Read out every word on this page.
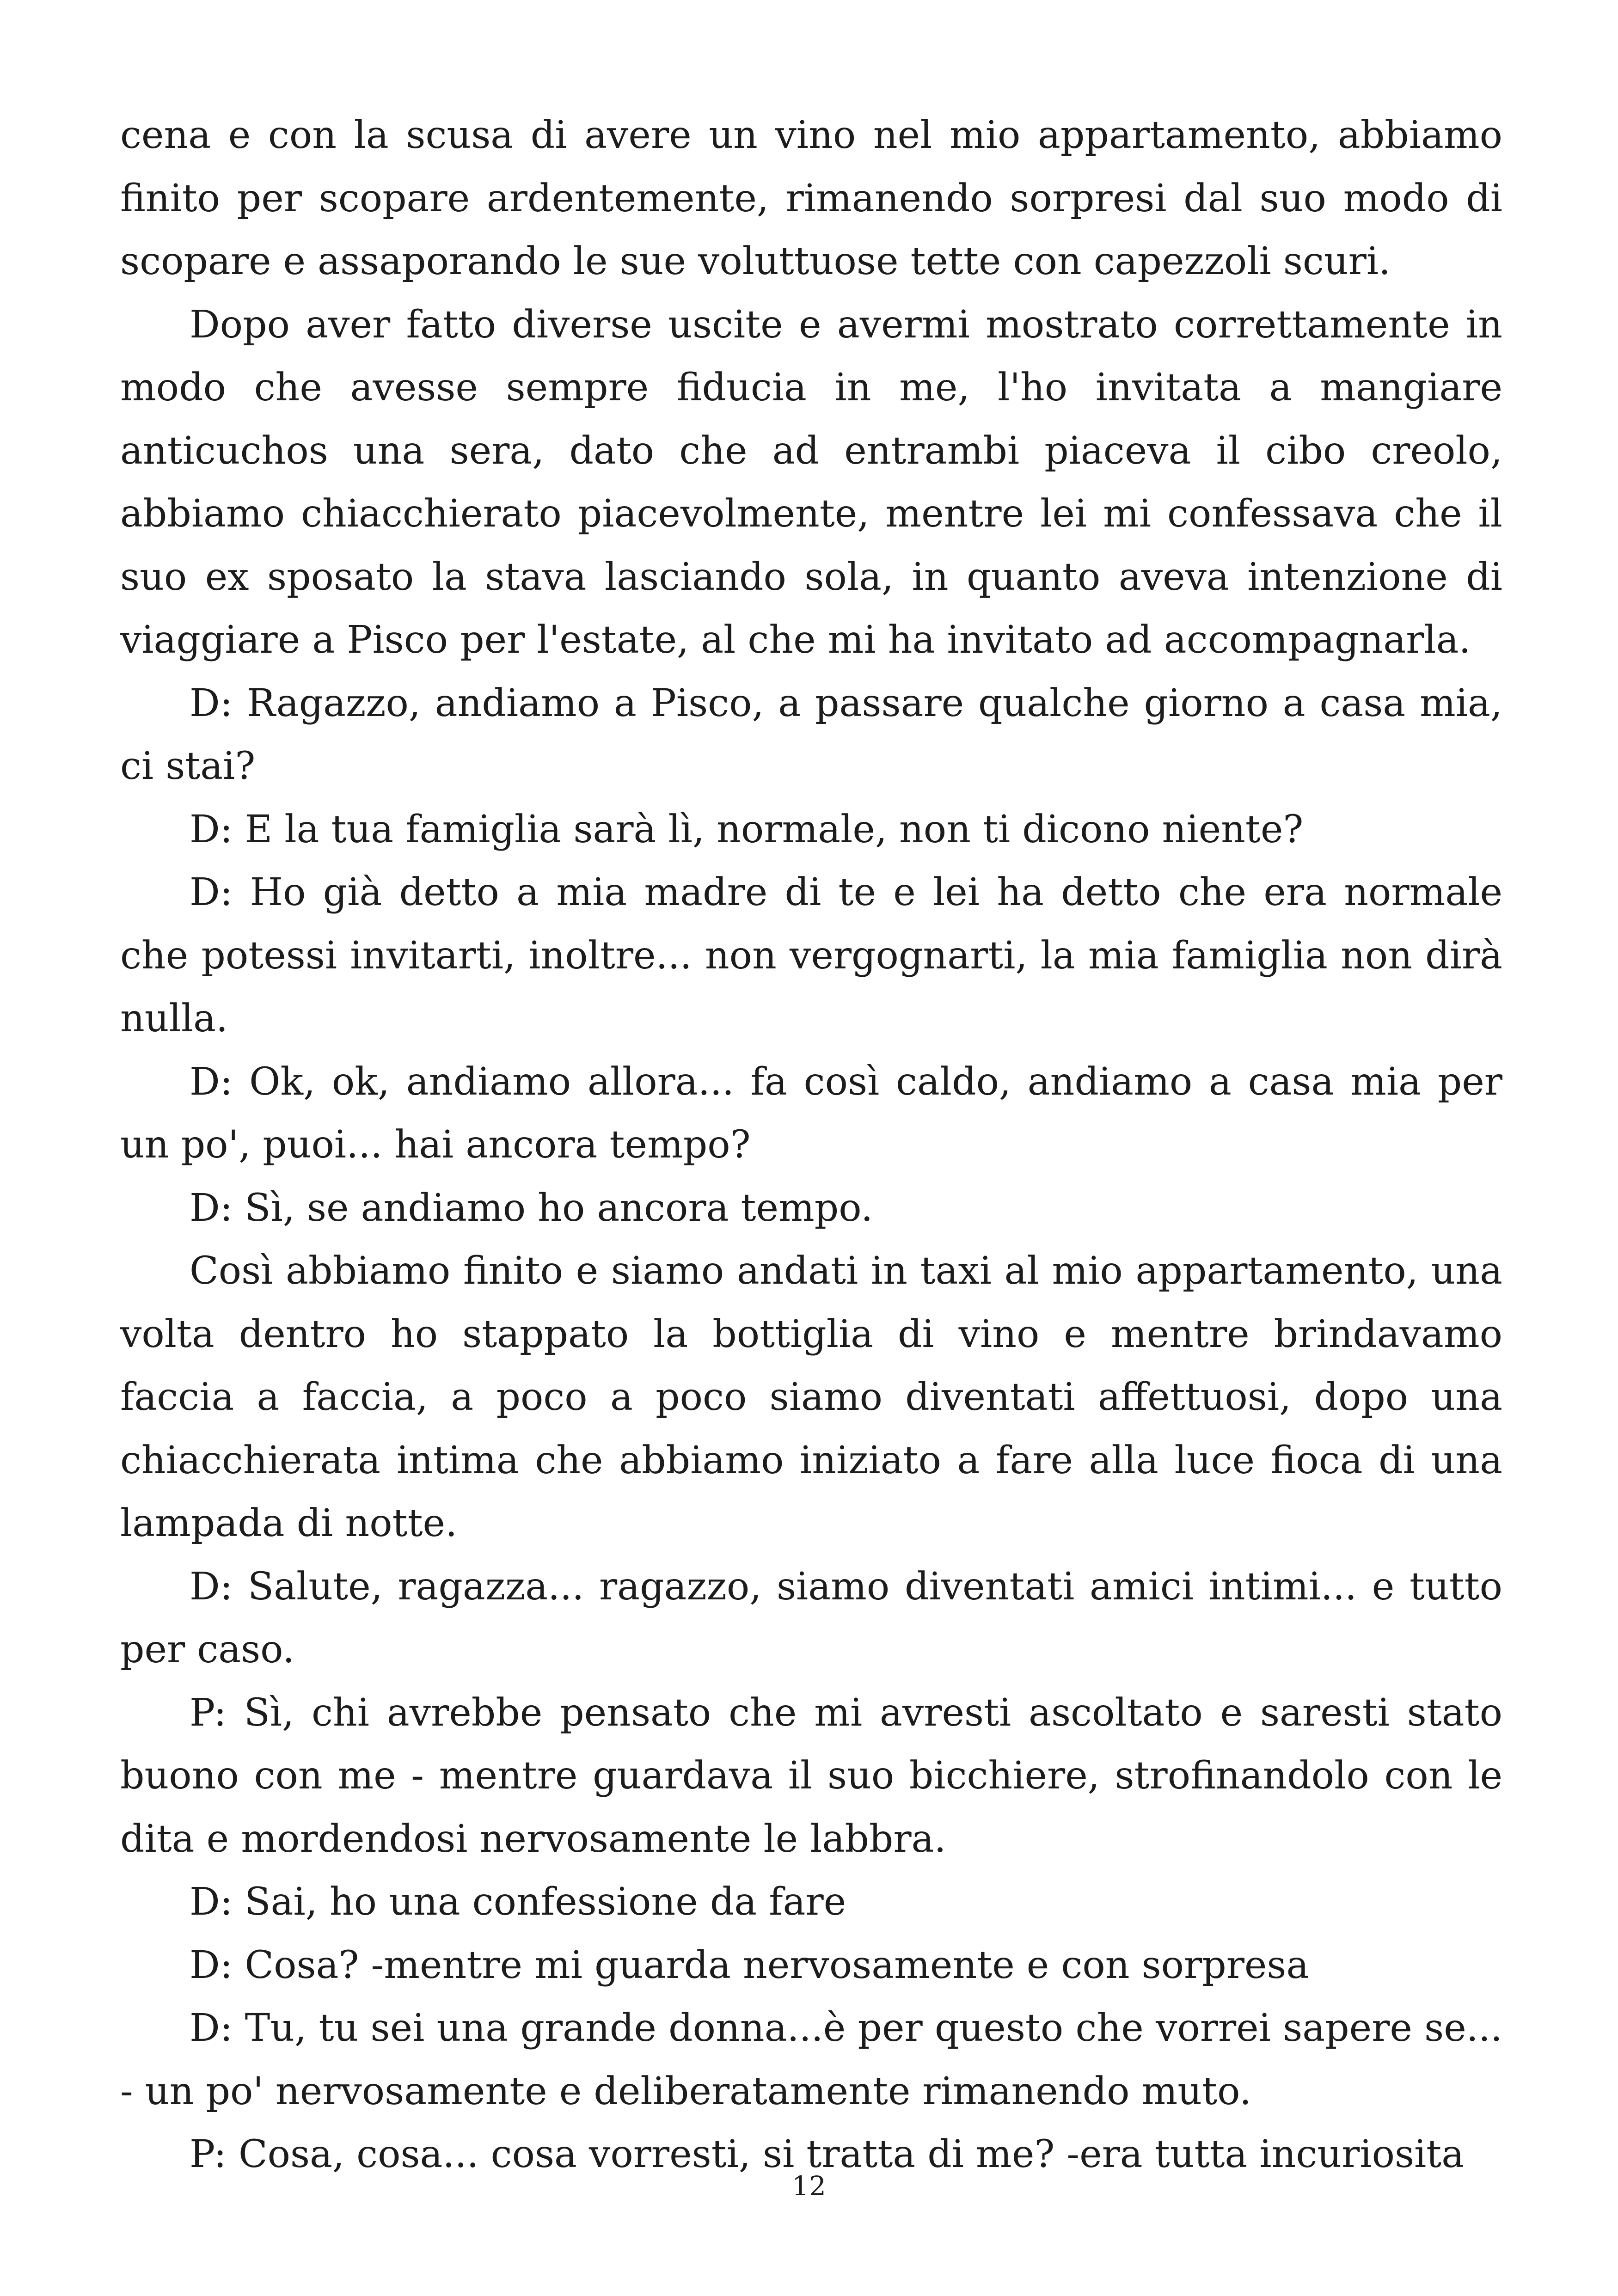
cena e con la scusa di avere un vino nel mio appartamento, abbiamo finito per scopare ardentemente, rimanendo sorpresi dal suo modo di scopare e assaporando le sue voluttuose tette con capezzoli scuri.

Dopo aver fatto diverse uscite e avermi mostrato correttamente in modo che avesse sempre fiducia in me, l'ho invitata a mangiare anticuchos una sera, dato che ad entrambi piaceva il cibo creolo, abbiamo chiacchierato piacevolmente, mentre lei mi confessava che il suo ex sposato la stava lasciando sola, in quanto aveva intenzione di viaggiare a Pisco per l'estate, al che mi ha invitato ad accompagnarla.

D: Ragazzo, andiamo a Pisco, a passare qualche giorno a casa mia, ci stai?

D: E la tua famiglia sarà lì, normale, non ti dicono niente?

D: Ho già detto a mia madre di te e lei ha detto che era normale che potessi invitarti, inoltre... non vergognarti, la mia famiglia non dirà nulla.

D: Ok, ok, andiamo allora... fa così caldo, andiamo a casa mia per un po', puoi... hai ancora tempo?

D: Sì, se andiamo ho ancora tempo.

Così abbiamo finito e siamo andati in taxi al mio appartamento, una volta dentro ho stappato la bottiglia di vino e mentre brindavamo faccia a faccia, a poco a poco siamo diventati affettuosi, dopo una chiacchierata intima che abbiamo iniziato a fare alla luce fioca di una lampada di notte.

D: Salute, ragazza... ragazzo, siamo diventati amici intimi... e tutto per caso.

P: Sì, chi avrebbe pensato che mi avresti ascoltato e saresti stato buono con me - mentre guardava il suo bicchiere, strofinandolo con le dita e mordendosi nervosamente le labbra.

D: Sai, ho una confessione da fare

D: Cosa? -mentre mi guarda nervosamente e con sorpresa

D: Tu, tu sei una grande donna...è per questo che vorrei sapere se... - un po' nervosamente e deliberatamente rimanendo muto.

P: Cosa, cosa... cosa vorresti, si tratta di me? -era tutta incuriosita

12
